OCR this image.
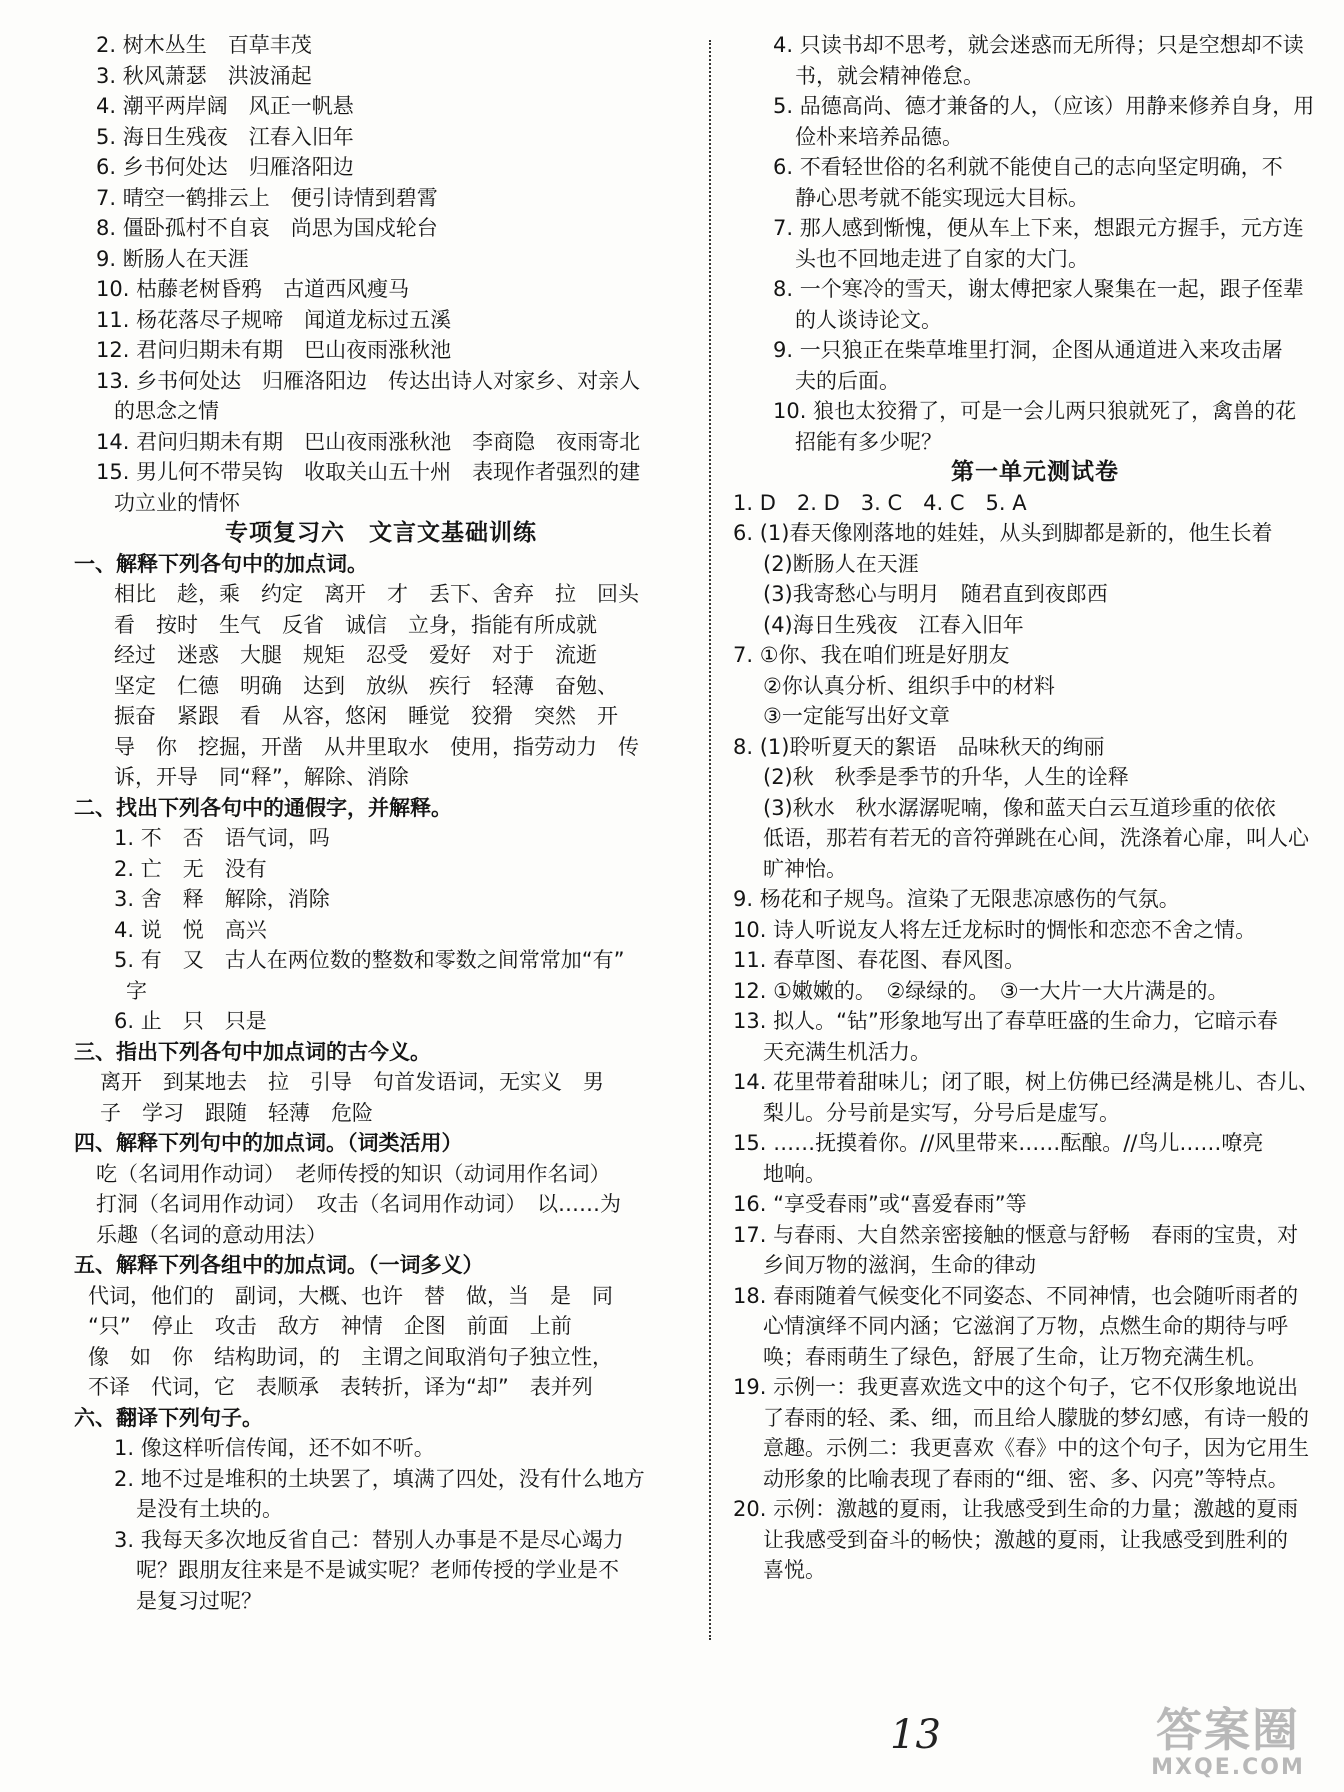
2. 树木丛生　百草丰茂
3. 秋风萧瑟　洪波涌起
4. 潮平两岸阔　风正一帆悬
5. 海日生残夜　江春入旧年
6. 乡书何处达　归雁洛阳边
7. 晴空一鹤排云上　便引诗情到碧霄
8. 僵卧孤村不自哀　尚思为国戍轮台
9. 断肠人在天涯
10. 枯藤老树昏鸦　古道西风瘦马
11. 杨花落尽子规啼　闻道龙标过五溪
12. 君问归期未有期　巴山夜雨涨秋池
13. 乡书何处达　归雁洛阳边　传达出诗人对家乡、对亲人
的思念之情
14. 君问归期未有期　巴山夜雨涨秋池　李商隐　夜雨寄北
15. 男儿何不带吴钩　收取关山五十州　表现作者强烈的建
功立业的情怀
专项复习六　文言文基础训练
一、解释下列各句中的加点词。
相比　趁，乘　约定　离开　才　丢下、舍弃　拉　回头
看　按时　生气　反省　诚信　立身，指能有所成就
经过　迷惑　大腿　规矩　忍受　爱好　对于　流逝
坚定　仁德　明确　达到　放纵　疾行　轻薄　奋勉、
振奋　紧跟　看　从容，悠闲　睡觉　狡猾　突然　开
导　你　挖掘，开凿　从井里取水　使用，指劳动力　传
诉，开导　同“释”，解除、消除
二、找出下列各句中的通假字，并解释。
1. 不　否　语气词，吗
2. 亡　无　没有
3. 舍　释　解除，消除
4. 说　悦　高兴
5. 有　又　古人在两位数的整数和零数之间常常加“有”
字
6. 止　只　只是
三、指出下列各句中加点词的古今义。
离开　到某地去　拉　引导　句首发语词，无实义　男
子　学习　跟随　轻薄　危险
四、解释下列句中的加点词。（词类活用）
吃（名词用作动词）　老师传授的知识（动词用作名词）
打洞（名词用作动词）　攻击（名词用作动词）　以……为
乐趣（名词的意动用法）
五、解释下列各组中的加点词。（一词多义）
代词，他们的　副词，大概、也许　替　做，当　是　同
“只”　停止　攻击　敌方　神情　企图　前面　上前
像　如　你　结构助词，的　主谓之间取消句子独立性，
不译　代词，它　表顺承　表转折，译为“却”　表并列
六、翻译下列句子。
1. 像这样听信传闻，还不如不听。
2. 地不过是堆积的土块罢了，填满了四处，没有什么地方
是没有土块的。
3. 我每天多次地反省自己：替别人办事是不是尽心竭力
呢？跟朋友往来是不是诚实呢？老师传授的学业是不
是复习过呢？
4. 只读书却不思考，就会迷惑而无所得；只是空想却不读
书，就会精神倦怠。
5. 品德高尚、德才兼备的人，（应该）用静来修养自身，用
俭朴来培养品德。
6. 不看轻世俗的名利就不能使自己的志向坚定明确，不
静心思考就不能实现远大目标。
7. 那人感到惭愧，便从车上下来，想跟元方握手，元方连
头也不回地走进了自家的大门。
8. 一个寒冷的雪天，谢太傅把家人聚集在一起，跟子侄辈
的人谈诗论文。
9. 一只狼正在柴草堆里打洞，企图从通道进入来攻击屠
夫的后面。
10. 狼也太狡猾了，可是一会儿两只狼就死了，禽兽的花
招能有多少呢？
第一单元测试卷
1. D　2. D　3. C　4. C　5. A
6. (1)春天像刚落地的娃娃，从头到脚都是新的，他生长着
(2)断肠人在天涯
(3)我寄愁心与明月　随君直到夜郎西
(4)海日生残夜　江春入旧年
7. ①你、我在咱们班是好朋友
②你认真分析、组织手中的材料
③一定能写出好文章
8. (1)聆听夏天的絮语　品味秋天的绚丽
(2)秋　秋季是季节的升华，人生的诠释
(3)秋水　秋水潺潺呢喃，像和蓝天白云互道珍重的依依
低语，那若有若无的音符弹跳在心间，洗涤着心扉，叫人心
旷神怡。
9. 杨花和子规鸟。渲染了无限悲凉感伤的气氛。
10. 诗人听说友人将左迁龙标时的惆怅和恋恋不舍之情。
11. 春草图、春花图、春风图。
12. ①嫩嫩的。　②绿绿的。　③一大片一大片满是的。
13. 拟人。“钻”形象地写出了春草旺盛的生命力，它暗示春
天充满生机活力。
14. 花里带着甜味儿；闭了眼，树上仿佛已经满是桃儿、杏儿、
梨儿。分号前是实写，分号后是虚写。
15. ……抚摸着你。//风里带来……酝酿。//鸟儿……嘹亮
地响。
16. “享受春雨”或“喜爱春雨”等
17. 与春雨、大自然亲密接触的惬意与舒畅　春雨的宝贵，对
乡间万物的滋润，生命的律动
18. 春雨随着气候变化不同姿态、不同神情，也会随听雨者的
心情演绎不同内涵；它滋润了万物，点燃生命的期待与呼
唤；春雨萌生了绿色，舒展了生命，让万物充满生机。
19. 示例一：我更喜欢选文中的这个句子，它不仅形象地说出
了春雨的轻、柔、细，而且给人朦胧的梦幻感，有诗一般的
意趣。示例二：我更喜欢《春》中的这个句子，因为它用生
动形象的比喻表现了春雨的“细、密、多、闪亮”等特点。
20. 示例：激越的夏雨，让我感受到生命的力量；激越的夏雨
让我感受到奋斗的畅快；激越的夏雨，让我感受到胜利的
喜悦。
13	答案圈
MXQE.COM
